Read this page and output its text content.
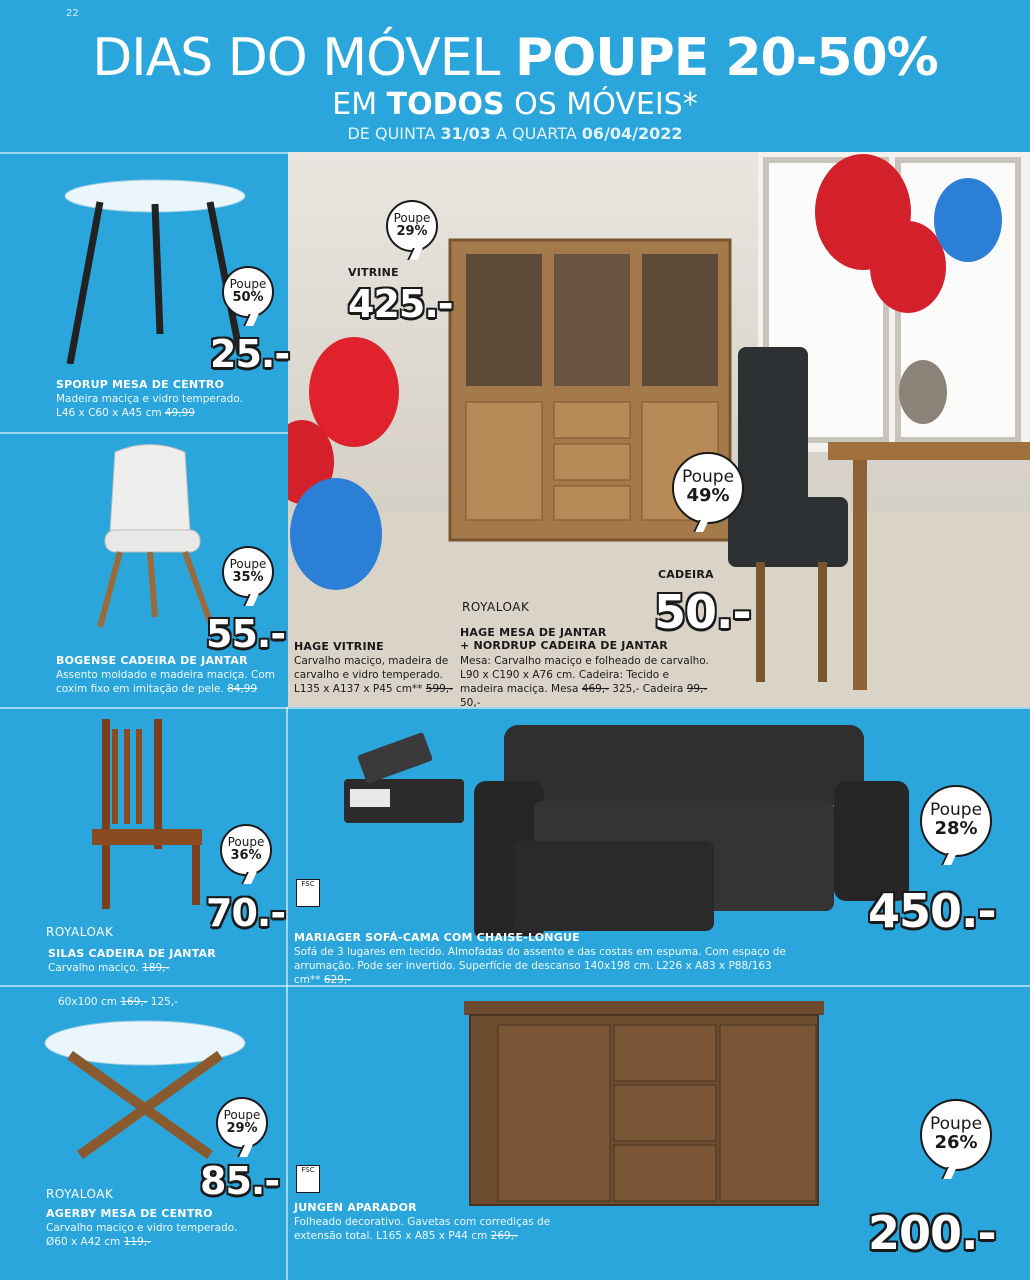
22
DIAS DO MÓVEL POUPE 20-50%
EM TODOS OS MÓVEIS*
DE QUINTA 31/03 A QUARTA 06/04/2022
Poupe
50%
25.-
SPORUP MESA DE CENTRO
Madeira maciça e vidro temperado.
L46 x C60 x A45 cm 49,99
Poupe
35%
55.-
BOGENSE CADEIRA DE JANTAR
Assento moldado e madeira maciça. Com coxim fixo em imitação de pele. 84,99
Poupe
29%
VITRINE
425.-
HAGE VITRINE
Carvalho maciço, madeira de carvalho e vidro temperado.
L135 x A137 x P45 cm** 599,-
Poupe
49%
CADEIRA
50.-
ROYALOAK
HAGE MESA DE JANTAR
+ NORDRUP CADEIRA DE JANTAR
Mesa: Carvalho maciço e folheado de carvalho. L90 x C190 x A76 cm. Cadeira: Tecido e madeira maciça. Mesa 469,- 325,- Cadeira 99,- 50,-
Poupe
36%
70.-
ROYALOAK
SILAS CADEIRA DE JANTAR
Carvalho maciço. 189,-
Poupe
28%
450.-
FSC
MARIAGER SOFÁ-CAMA COM CHAISE-LONGUE
Sofá de 3 lugares em tecido. Almofadas do assento e das costas em espuma. Com espaço de arrumação. Pode ser invertido. Superfície de descanso 140x198 cm. L226 x A83 x P88/163 cm** 629,-
60x100 cm 169,- 125,-
Poupe
29%
85.-
ROYALOAK
AGERBY MESA DE CENTRO
Carvalho maciço e vidro temperado. Ø60 x A42 cm 119,-
Poupe
26%
200.-
FSC
JUNGEN APARADOR
Folheado decorativo. Gavetas com corrediças de extensão total. L165 x A85 x P44 cm 269,-
